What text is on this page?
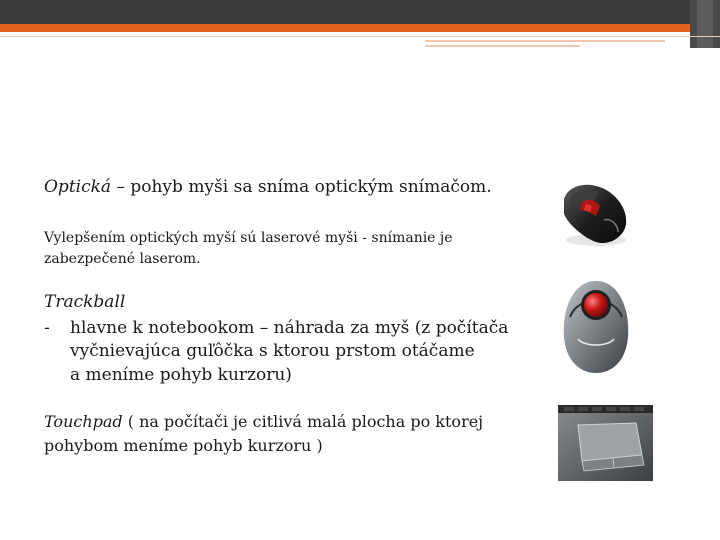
Optická – pohyb myši sa sníma optickým snímačom.
Vylepšením optických myší sú laserové myši - snímanie je
zabezpečené laserom.
Trackball
- hlavne k notebookom – náhrada za myš (z počítača
vyčnievajúca guľôčka s ktorou prstom otáčame
a meníme pohyb kurzoru)
Touchpad ( na počítači je citlivá malá plocha po ktorej
pohybom meníme pohyb kurzoru )
